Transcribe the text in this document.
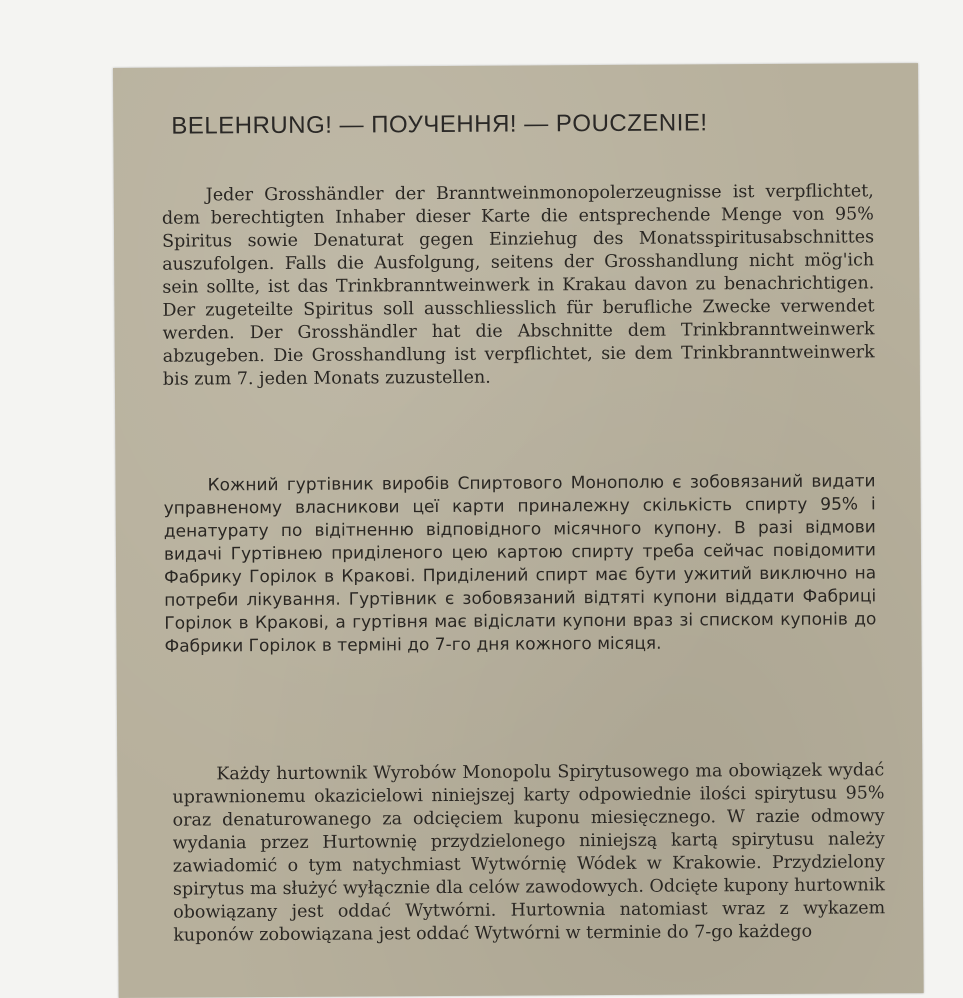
BELEHRUNG! — ПОУЧЕННЯ! — POUCZENIE!

Jeder Grosshändler der Branntweinmonopolerzeugnisse ist verpflichtet, dem berechtigten Inhaber dieser Karte die entsprechende Menge von 95% Spiritus sowie Denaturat gegen Einziehug des Monatsspiritusabschnittes auszufolgen. Falls die Ausfolgung, seitens der Grosshandlung nicht mög'ich sein sollte, ist das Trinkbranntweinwerk in Krakau davon zu benachrichtigen. Der zugeteilte Spiritus soll ausschliesslich für berufliche Zwecke verwendet werden. Der Grosshändler hat die Abschnitte dem Trinkbranntweinwerk abzugeben. Die Grosshandlung ist verpflichtet, sie dem Trinkbranntweinwerk bis zum 7. jeden Monats zuzustellen.

Кожний гуртівник виробів Спиртового Монополю є зобовязаний видати управненому власникови цеї карти приналежну скількість спирту 95% і денатурату по відітненню відповідного місячного купону. В разі відмови видачі Гуртівнею приділеного цею картою спирту треба сейчас повідомити Фабрику Горілок в Кракові. Приділений спирт має бути ужитий виключно на потреби лікування. Гуртівник є зобовязаний відтяті купони віддати Фабриці Горілок в Кракові, а гуртівня має відіслати купони враз зі списком купонів до Фабрики Горілок в терміні до 7-го дня кожного місяця.

Każdy hurtownik Wyrobów Monopolu Spirytusowego ma obowiązek wydać uprawnionemu okazicielowi niniejszej karty odpowiednie ilości spirytusu 95% oraz denaturowanego za odcięciem kuponu miesięcznego. W razie odmowy wydania przez Hurtownię przydzielonego niniejszą kartą spirytusu należy zawiadomić o tym natychmiast Wytwórnię Wódek w Krakowie. Przydzielony spirytus ma służyć wyłącznie dla celów zawodowych. Odcięte kupony hurtownik obowiązany jest oddać Wytwórni. Hurtownia natomiast wraz z wykazem kuponów zobowiązana jest oddać Wytwórni w terminie do 7-go każdego
